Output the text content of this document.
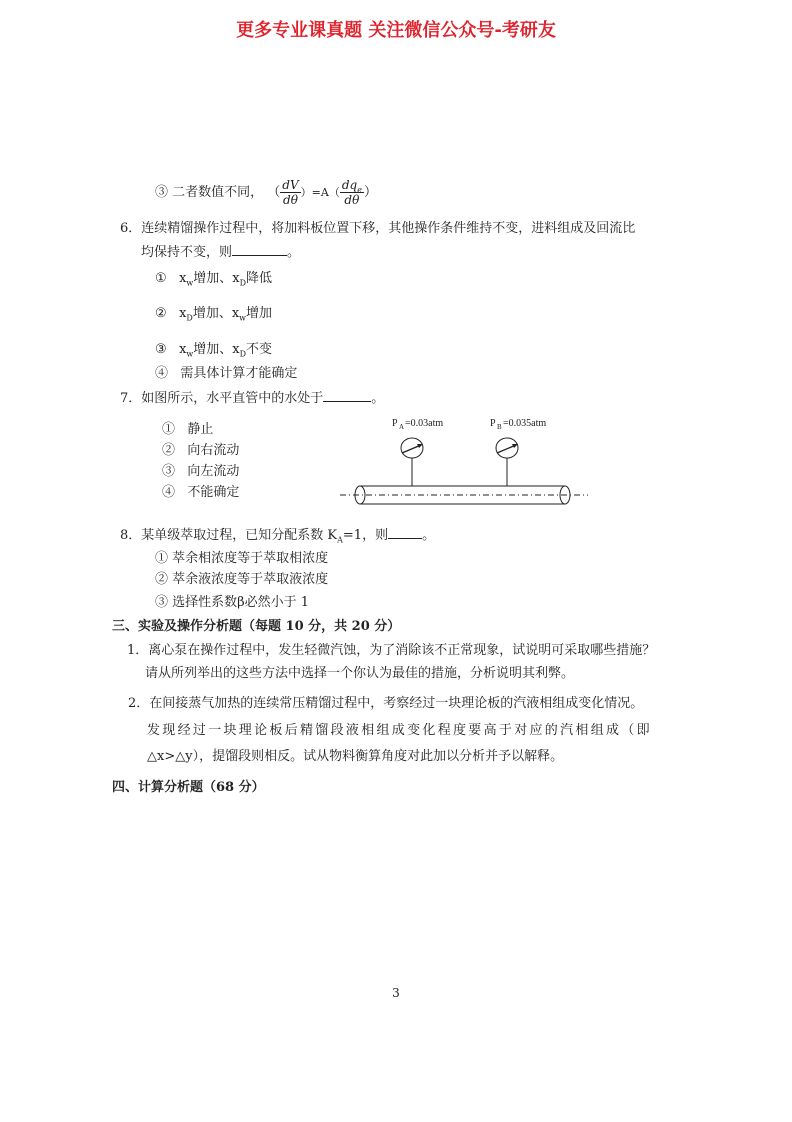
更多专业课真题 关注微信公众号-考研友
③ 二者数值不同， （ $\frac{dV}{d\theta} )=A( \frac{dq_e}{d\theta}$ ）
6．连续精馏操作过程中，将加料板位置下移，其他操作条件维持不变，进料组成及回流比
均保持不变，则	。
① $x_w$增加、$x_D$降低
② $x_D$增加、$x_w$增加
③ $x_w$增加、$x_D$不变
④ 需具体计算才能确定
7．如图所示，水平直管中的水处于	。
① 静止
② 向右流动
③ 向左流动
④ 不能确定
P A =0.03atm	P B =0.035atm
8．某单级萃取过程，已知分配系数 $K_A=1$，则	。
① 萃余相浓度等于萃取相浓度
② 萃余液浓度等于萃取液浓度
③ 选择性系数β必然小于 1
三、实验及操作分析题（每题 10 分，共 20 分）
1．离心泵在操作过程中，发生轻微汽蚀，为了消除该不正常现象，试说明可采取哪些措施？
请从所列举出的这些方法中选择一个你认为最佳的措施，分析说明其利弊。
2．在间接蒸气加热的连续常压精馏过程中，考察经过一块理论板的汽液相组成变化情况。
发现经过一块理论板后精馏段液相组成变化程度要高于对应的汽相组成（即
△x>△y），提馏段则相反。试从物料衡算角度对此加以分析并予以解释。
四、计算分析题（68 分）
3
